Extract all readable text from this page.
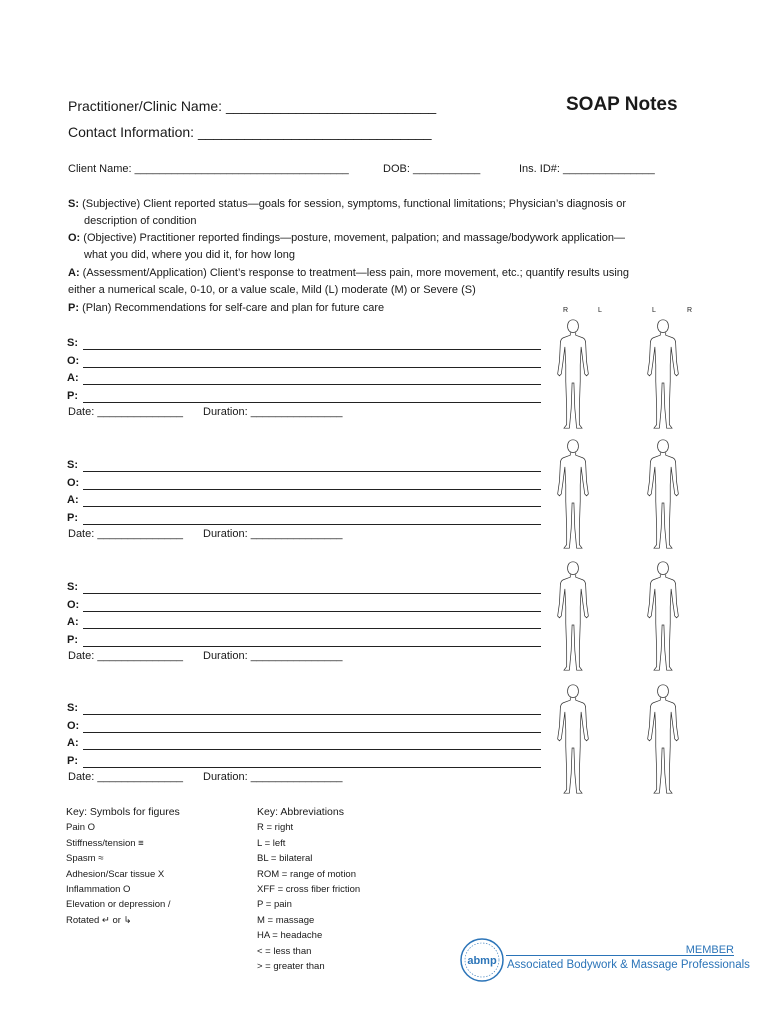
Practitioner/Clinic Name: ___________________________
Contact Information: ______________________________
SOAP Notes
Client Name: ___________________________________	DOB: ___________	Ins. ID#: _______________
S: (Subjective) Client reported status—goals for session, symptoms, functional limitations; Physician’s diagnosis or
description of condition
O: (Objective) Practitioner reported findings—posture, movement, palpation; and massage/bodywork application—
what you did, where you did it, for how long
A: (Assessment/Application) Client’s response to treatment—less pain, more movement, etc.; quantify results using
either a numerical scale, 0-10, or a value scale, Mild (L) moderate (M) or Severe (S)
P: (Plan) Recommendations for self-care and plan for future care	R	L	L	R
S:
O:
A:
P:
Date: ______________ Duration: _______________
S:
O:
A:
P:
Date: ______________ Duration: _______________
S:
O:
A:
P:
Date: ______________ Duration: _______________
S:
O:
A:
P:
Date: ______________ Duration: _______________
Key: Symbols for figures
Pain O
Stiffness/tension ≡
Spasm ≈
Adhesion/Scar tissue X
Inflammation O
Elevation or depression /
Rotated ↵ or ↳
Key: Abbreviations
R = right
L = left
BL = bilateral
ROM = range of motion
XFF = cross fiber friction
P = pain
M = massage
HA = headache
< = less than
> = greater than	abmp
MEMBER
Associated Bodywork & Massage Professionals
